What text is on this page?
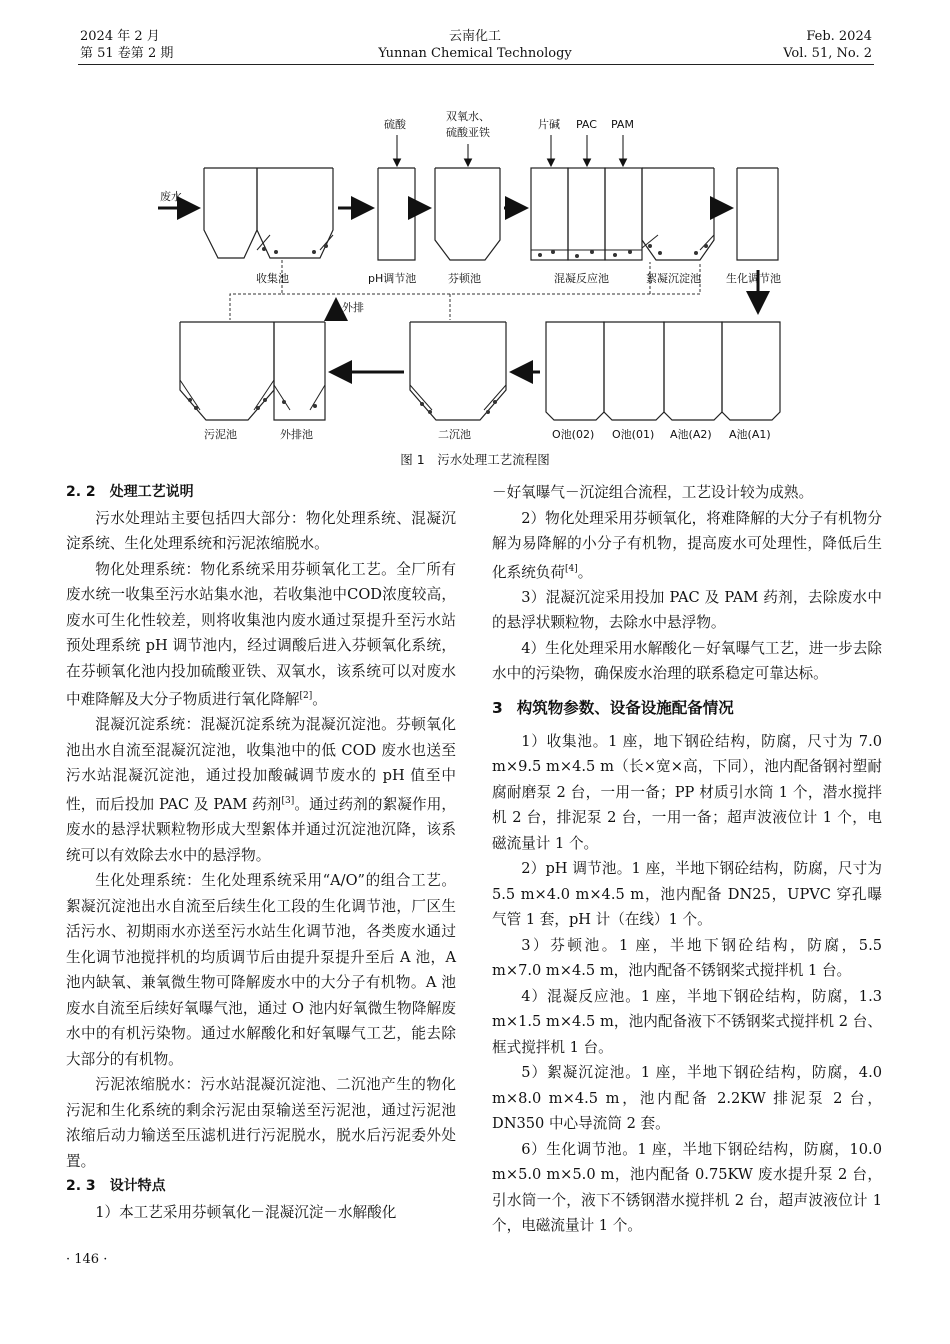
2024 年 2 月
第 51 卷第 2 期
云南化工
Yunnan Chemical Technology
Feb. 2024
Vol. 51, No. 2
废水
外排
硫酸
双氧水、
硫酸亚铁
片碱 PAC PAM
收集池	pH调节池	芬顿池	混凝反应池	絮凝沉淀池 生化调节池
污泥池	外排池	二沉池	O池(02) O池(01) A池(A2) A池(A1)
图 1　污水处理工艺流程图
2. 2 处理工艺说明

污水处理站主要包括四大部分：物化处理系统、混凝沉淀系统、生化处理系统和污泥浓缩脱水。

物化处理系统：物化系统采用芬顿氧化工艺。全厂所有废水统一收集至污水站集水池，若收集池中COD浓度较高，废水可生化性较差，则将收集池内废水通过泵提升至污水站预处理系统 pH 调节池内，经过调酸后进入芬顿氧化系统，在芬顿氧化池内投加硫酸亚铁、双氧水，该系统可以对废水中难降解及大分子物质进行氧化降解[2]。

混凝沉淀系统：混凝沉淀系统为混凝沉淀池。芬顿氧化池出水自流至混凝沉淀池，收集池中的低 COD 废水也送至污水站混凝沉淀池，通过投加酸碱调节废水的 pH 值至中性，而后投加 PAC 及 PAM 药剂[3]。通过药剂的絮凝作用，废水的悬浮状颗粒物形成大型絮体并通过沉淀池沉降，该系统可以有效除去水中的悬浮物。

生化处理系统：生化处理系统采用“A/O”的组合工艺。絮凝沉淀池出水自流至后续生化工段的生化调节池，厂区生活污水、初期雨水亦送至污水站生化调节池，各类废水通过生化调节池搅拌机的均质调节后由提升泵提升至后 A 池，A 池内缺氧、兼氧微生物可降解废水中的大分子有机物。A 池废水自流至后续好氧曝气池，通过 O 池内好氧微生物降解废水中的有机污染物。通过水解酸化和好氧曝气工艺，能去除大部分的有机物。

污泥浓缩脱水：污水站混凝沉淀池、二沉池产生的物化污泥和生化系统的剩余污泥由泵输送至污泥池，通过污泥池浓缩后动力输送至压滤机进行污泥脱水，脱水后污泥委外处置。

2. 3 设计特点

1）本工艺采用芬顿氧化－混凝沉淀－水解酸化

－好氧曝气－沉淀组合流程，工艺设计较为成熟。

2）物化处理采用芬顿氧化，将难降解的大分子有机物分解为易降解的小分子有机物，提高废水可处理性，降低后生化系统负荷[4]。

3）混凝沉淀采用投加 PAC 及 PAM 药剂，去除废水中的悬浮状颗粒物，去除水中悬浮物。

4）生化处理采用水解酸化－好氧曝气工艺，进一步去除水中的污染物，确保废水治理的联系稳定可靠达标。

3 构筑物参数、设备设施配备情况

1）收集池。1 座，地下钢砼结构，防腐，尺寸为 7.0 m×9.5 m×4.5 m（长×宽×高，下同），池内配备钢衬塑耐腐耐磨泵 2 台，一用一备；PP 材质引水筒 1 个，潜水搅拌机 2 台，排泥泵 2 台，一用一备；超声波液位计 1 个，电磁流量计 1 个。

2）pH 调节池。1 座，半地下钢砼结构，防腐，尺寸为 5.5 m×4.0 m×4.5 m，池内配备 DN25，UPVC 穿孔曝气管 1 套，pH 计（在线）1 个。

3）芬顿池。1 座，半地下钢砼结构，防腐，5.5 m×7.0 m×4.5 m，池内配备不锈钢桨式搅拌机 1 台。

4）混凝反应池。1 座，半地下钢砼结构，防腐，1.3 m×1.5 m×4.5 m，池内配备液下不锈钢桨式搅拌机 2 台、框式搅拌机 1 台。

5）絮凝沉淀池。1 座，半地下钢砼结构，防腐，4.0 m×8.0 m×4.5 m，池内配备 2.2KW 排泥泵 2 台，DN350 中心导流筒 2 套。

6）生化调节池。1 座，半地下钢砼结构，防腐，10.0 m×5.0 m×5.0 m，池内配备 0.75KW 废水提升泵 2 台，引水筒一个，液下不锈钢潜水搅拌机 2 台，超声波液位计 1 个，电磁流量计 1 个。

· 146 ·
